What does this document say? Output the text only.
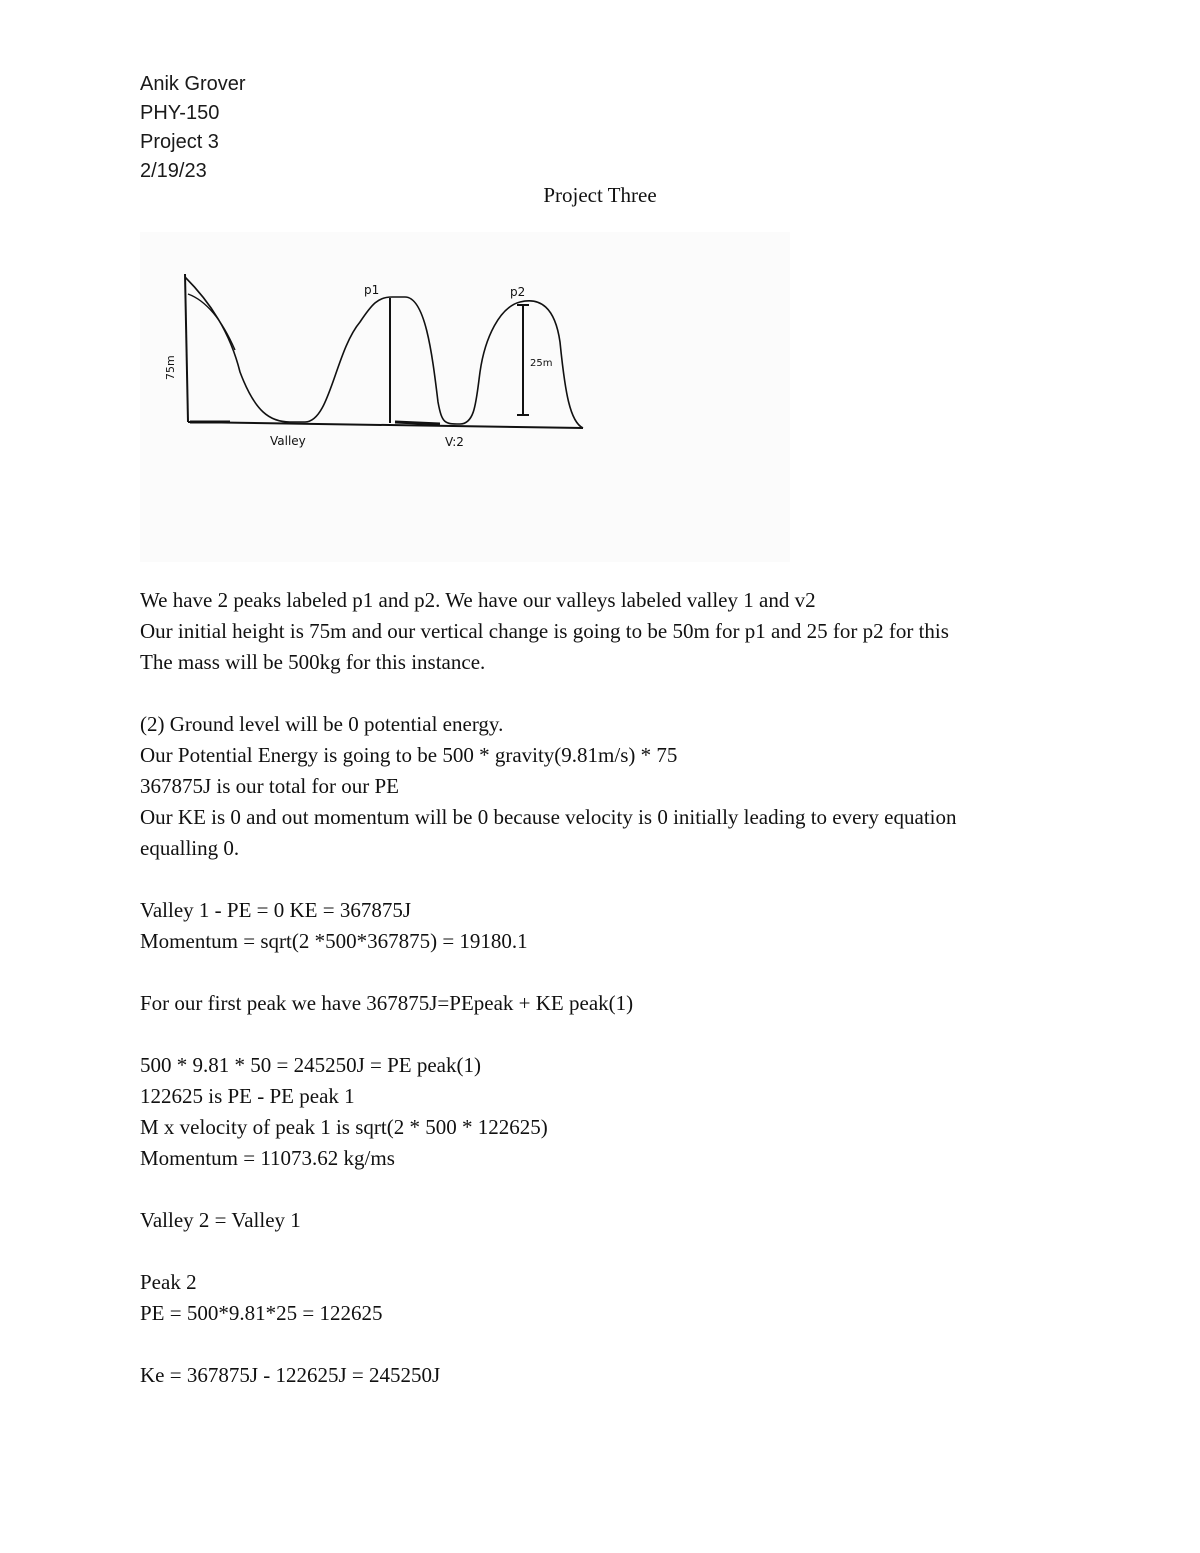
Anik Grover
PHY-150
Project 3
2/19/23
Project Three
p1	p2
Valley	V:2
25m
75m
We have 2 peaks labeled p1 and p2. We have our valleys labeled valley 1 and v2
Our initial height is 75m and our vertical change is going to be 50m for p1 and 25 for p2 for this
The mass will be 500kg for this instance.
(2) Ground level will be 0 potential energy.
Our Potential Energy is going to be 500 * gravity(9.81m/s) * 75
367875J is our total for our PE
Our KE is 0 and out momentum will be 0 because velocity is 0 initially leading to every equation
equalling 0.
Valley 1 - PE = 0 KE = 367875J
Momentum = sqrt(2 *500*367875) = 19180.1
For our first peak we have 367875J=PEpeak + KE peak(1)
500 * 9.81 * 50 = 245250J = PE peak(1)
122625 is PE - PE peak 1
M x velocity of peak 1 is sqrt(2 * 500 * 122625)
Momentum = 11073.62 kg/ms
Valley 2 = Valley 1
Peak 2
PE = 500*9.81*25 = 122625
Ke = 367875J - 122625J = 245250J
